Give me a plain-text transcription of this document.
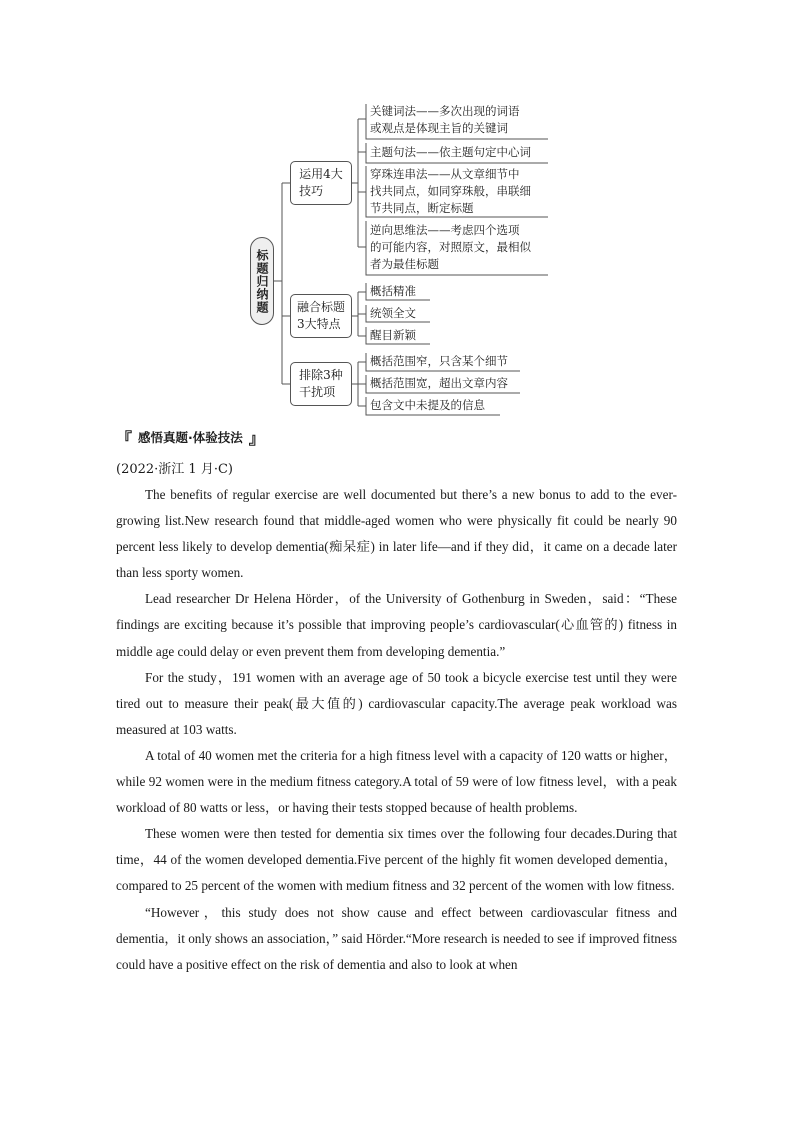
标题归纳题
运用4大
技巧
融合标题
3大特点
排除3种
干扰项
关键词法——多次出现的词语
或观点是体现主旨的关键词
主题句法——依主题句定中心词
穿珠连串法——从文章细节中
找共同点，如同穿珠般，串联细
节共同点，断定标题
逆向思维法——考虑四个选项
的可能内容，对照原文，最相似
者为最佳标题
概括精准
统领全文
醒目新颖
概括范围窄，只含某个细节
概括范围宽，超出文章内容
包含文中未提及的信息
『 感悟真题·体验技法 』
(2022·浙江 1 月·C)

The benefits of regular exercise are well documented but there’s a new bonus to add to the ever-growing list.New research found that middle-aged women who were physically fit could be nearly 90 percent less likely to develop dementia(痴呆症) in later life—and if they did，it came on a decade later than less sporty women.

Lead researcher Dr Helena Hörder，of the University of Gothenburg in Sweden，said：“These findings are exciting because it’s possible that improving people’s cardiovascular(心血管的) fitness in middle age could delay or even prevent them from developing dementia.”

For the study，191 women with an average age of 50 took a bicycle exercise test until they were tired out to measure their peak(最大值的) cardiovascular capacity.The average peak workload was measured at 103 watts.

A total of 40 women met the criteria for a high fitness level with a capacity of 120 watts or higher，while 92 women were in the medium fitness category.A total of 59 were of low fitness level，with a peak workload of 80 watts or less，or having their tests stopped because of health problems.

These women were then tested for dementia six times over the following four decades.During that time，44 of the women developed dementia.Five percent of the highly fit women developed dementia，compared to 25 percent of the women with medium fitness and 32 percent of the women with low fitness.

“However，this study does not show cause and effect between cardiovascular fitness and dementia，it only shows an association，” said Hörder.“More research is needed to see if improved fitness could have a positive effect on the risk of dementia and also to look at when
